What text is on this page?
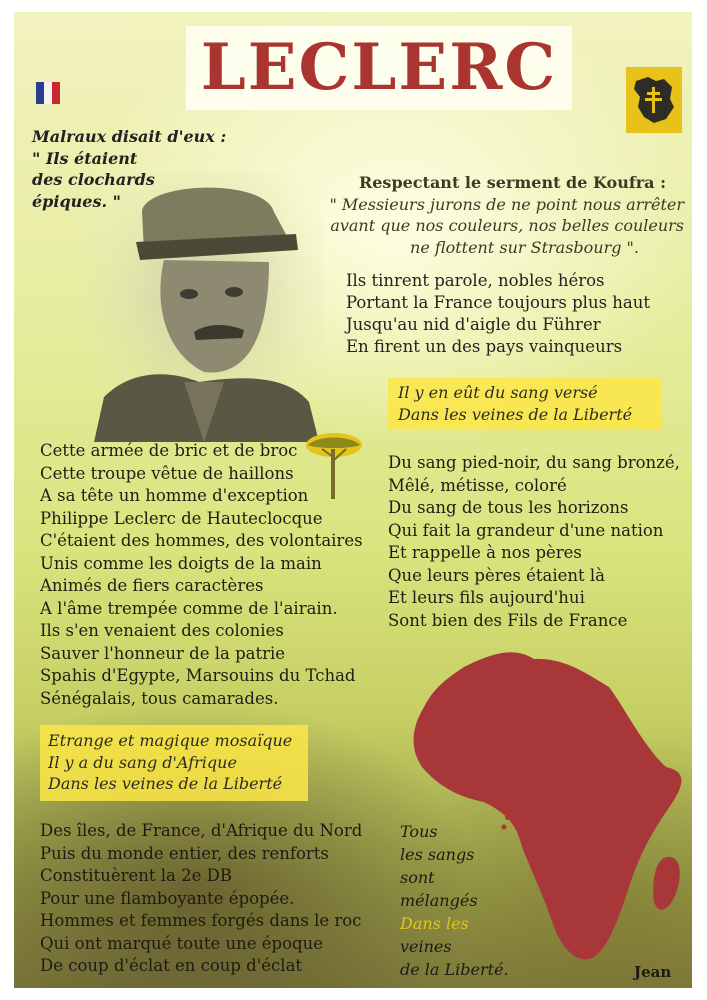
LECLERC
Malraux disait d'eux :
" Ils étaient
des clochards
épiques. "
Respectant le serment de Koufra :
" Messieurs jurons de ne point nous arrêter
avant que nos couleurs, nos belles couleurs
ne flottent sur Strasbourg ".
Ils tinrent parole, nobles héros
Portant la France toujours plus haut
Jusqu'au nid d'aigle du Führer
En firent un des pays vainqueurs
Il y en eût du sang versé
Dans les veines de la Liberté
Cette armée de bric et de broc
Cette troupe vêtue de haillons
A sa tête un homme d'exception
Philippe Leclerc de Hauteclocque
C'étaient des hommes, des volontaires
Unis comme les doigts de la main
Animés de fiers caractères
A l'âme trempée comme de l'airain.
Ils s'en venaient des colonies
Sauver l'honneur de la patrie
Spahis d'Egypte, Marsouins du Tchad
Sénégalais, tous camarades.
Du sang pied-noir, du sang bronzé,
Mêlé, métisse, coloré
Du sang de tous les horizons
Qui fait la grandeur d'une nation
Et rappelle à nos pères
Que leurs pères étaient là
Et leurs fils aujourd'hui
Sont bien des Fils de France
Etrange et magique mosaïque
Il y a du sang d'Afrique
Dans les veines de la Liberté
Des îles, de France, d'Afrique du Nord
Puis du monde entier, des renforts
Constituèrent la 2e DB
Pour une flamboyante épopée.
Hommes et femmes forgés dans le roc
Qui ont marqué toute une époque
De coup d'éclat en coup d'éclat
Tous
les sangs
sont
mélangés
Dans les
veines
de la Liberté.	Jean
